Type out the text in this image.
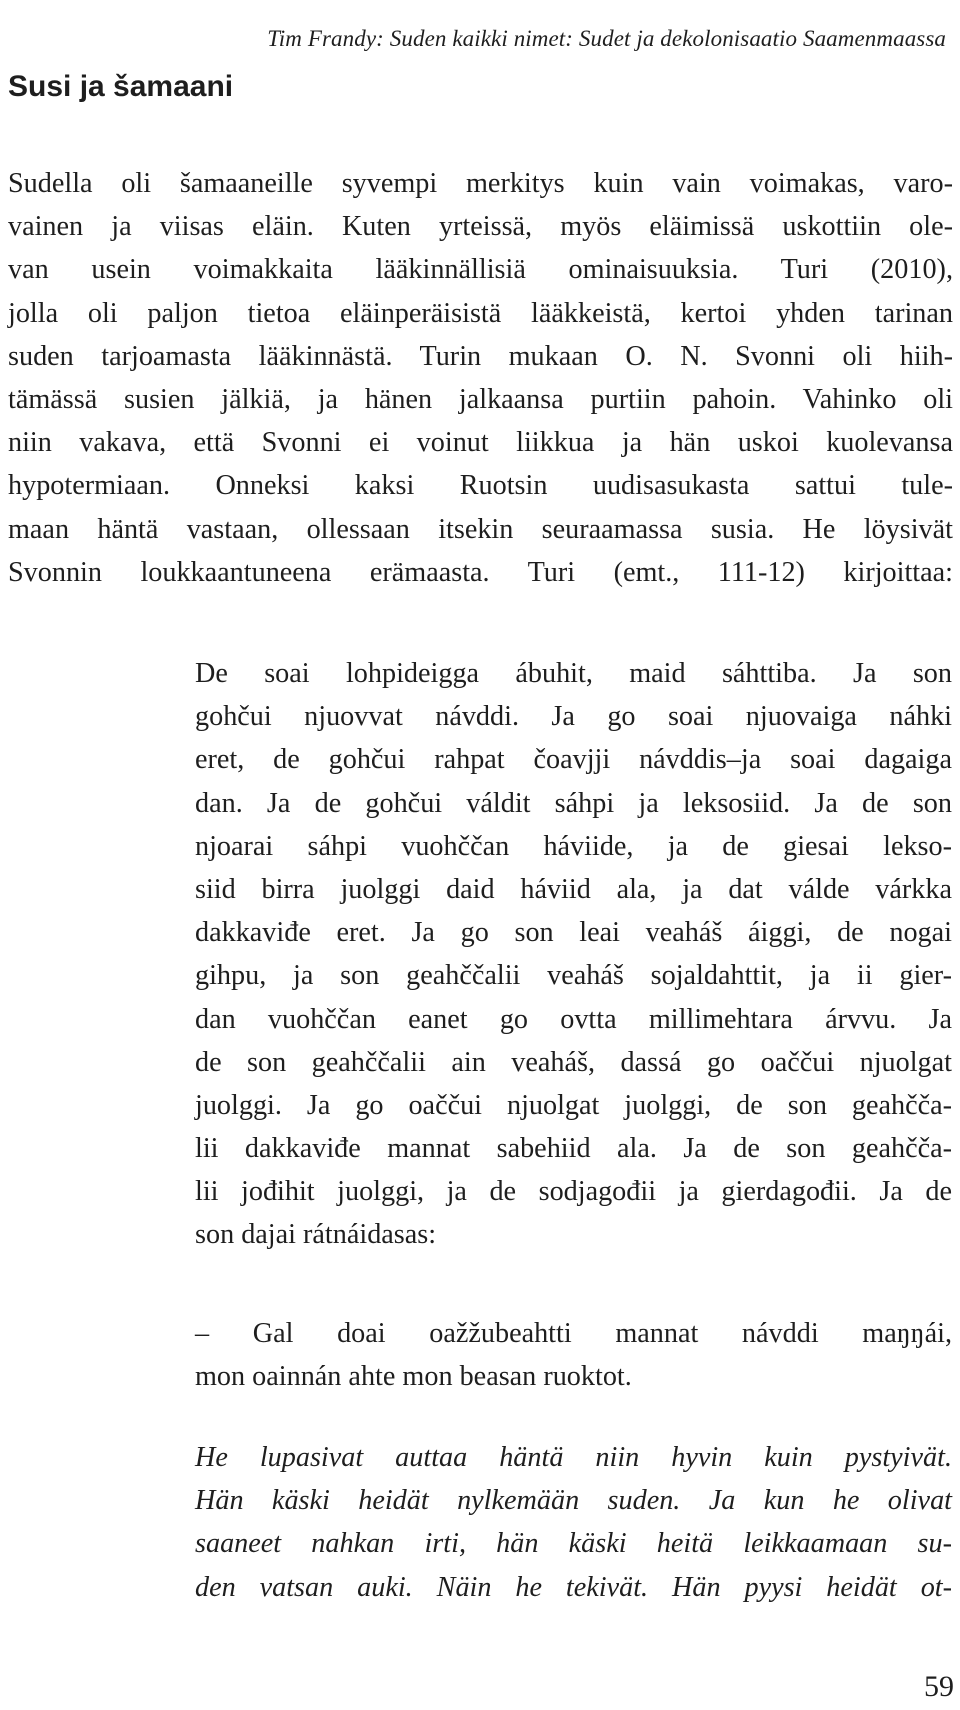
Tim Frandy: Suden kaikki nimet: Sudet ja dekolonisaatio Saamenmaassa
Susi ja šamaani
Sudella oli šamaaneille syvempi merkitys kuin vain voimakas, varo-
vainen ja viisas eläin. Kuten yrteissä, myös eläimissä uskottiin ole-
van usein voimakkaita lääkinnällisiä ominaisuuksia. Turi (2010),
jolla oli paljon tietoa eläinperäisistä lääkkeistä, kertoi yhden tarinan
suden tarjoamasta lääkinnästä. Turin mukaan O. N. Svonni oli hiih-
tämässä susien jälkiä, ja hänen jalkaansa purtiin pahoin. Vahinko oli
niin vakava, että Svonni ei voinut liikkua ja hän uskoi kuolevansa
hypotermiaan. Onneksi kaksi Ruotsin uudisasukasta sattui tule-
maan häntä vastaan, ollessaan itsekin seuraamassa susia. He löysivät
Svonnin loukkaantuneena erämaasta. Turi (emt., 111-12) kirjoittaa:
De soai lohpideigga ábuhit, maid sáhttiba. Ja son
gohčui njuovvat návddi. Ja go soai njuovaiga náhki
eret, de gohčui rahpat čoavjji návddis–ja soai dagaiga
dan. Ja de gohčui váldit sáhpi ja leksosiid. Ja de son
njoarai sáhpi vuohččan háviide, ja de giesai lekso-
siid birra juolggi daid háviid ala, ja dat válde várkka
dakkaviđe eret. Ja go son leai veaháš áiggi, de nogai
gihpu, ja son geahččalii veaháš sojaldahttit, ja ii gier-
dan vuohččan eanet go ovtta millimehtara árvvu. Ja
de son geahččalii ain veaháš, dassá go oaččui njuolgat
juolggi. Ja go oaččui njuolgat juolggi, de son geahčča-
lii dakkaviđe mannat sabehiid ala. Ja de son geahčča-
lii jođihit juolggi, ja de sodjagođii ja gierdagođii. Ja de
son dajai rátnáidasas:
– Gal doai oažžubeahtti mannat návddi maŋŋái,
mon oainnán ahte mon beasan ruoktot.
He lupasivat auttaa häntä niin hyvin kuin pystyivät.
Hän käski heidät nylkemään suden. Ja kun he olivat
saaneet nahkan irti, hän käski heitä leikkaamaan su-
den vatsan auki. Näin he tekivät. Hän pyysi heidät ot-
59
